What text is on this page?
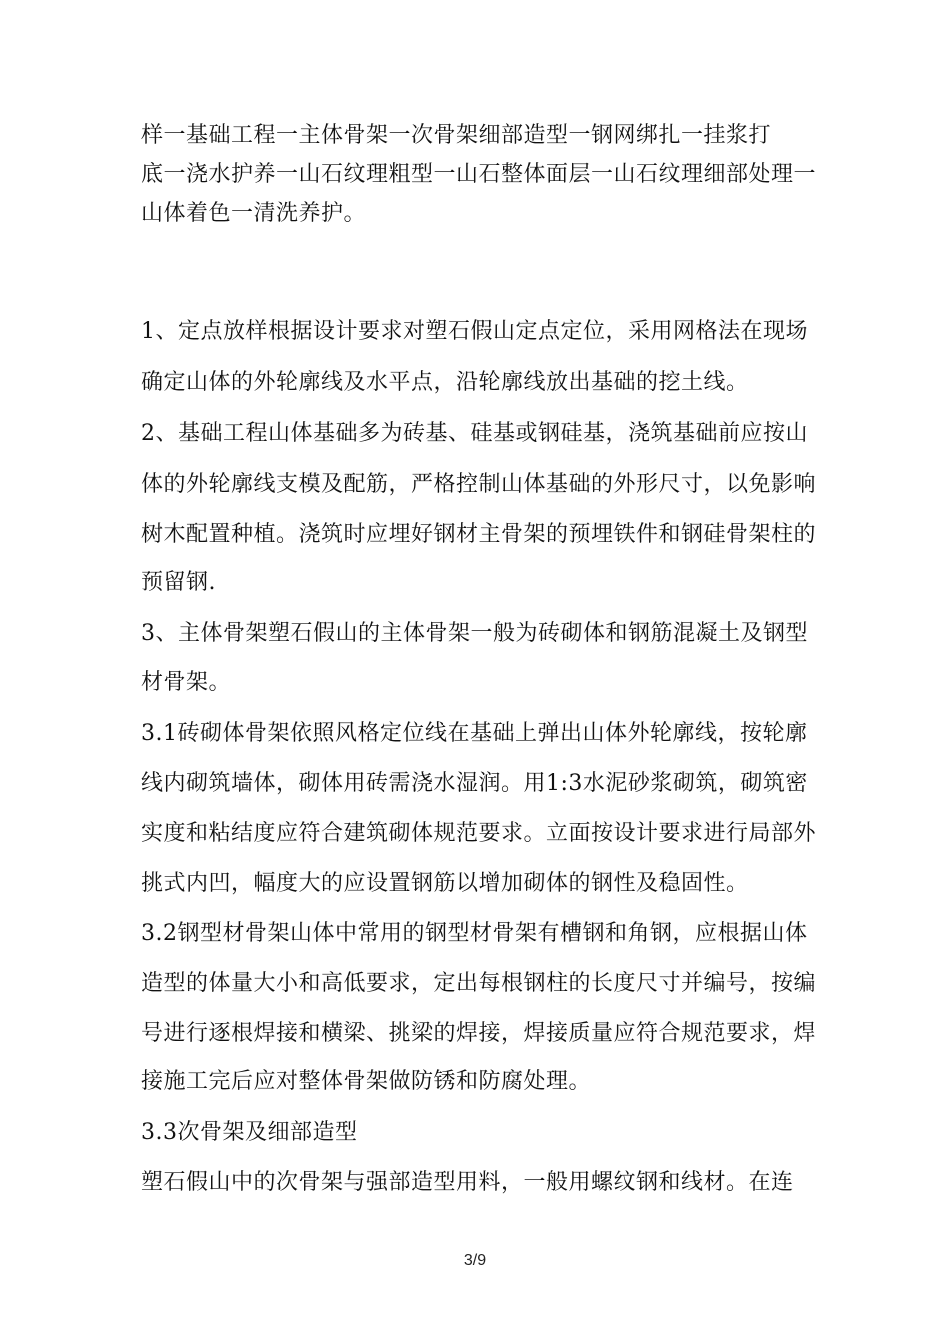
样一基础工程一主体骨架一次骨架细部造型一钢网绑扎一挂浆打
底一浇水护养一山石纹理粗型一山石整体面层一山石纹理细部处理一
山体着色一清洗养护。
1、定点放样根据设计要求对塑石假山定点定位，采用网格法在现场
确定山体的外轮廓线及水平点，沿轮廓线放出基础的挖土线。
2、基础工程山体基础多为砖基、硅基或钢硅基，浇筑基础前应按山
体的外轮廓线支模及配筋，严格控制山体基础的外形尺寸，以免影响
树木配置种植。浇筑时应埋好钢材主骨架的预埋铁件和钢硅骨架柱的
预留钢.
3、主体骨架塑石假山的主体骨架一般为砖砌体和钢筋混凝土及钢型
材骨架。
3.1砖砌体骨架依照风格定位线在基础上弹出山体外轮廓线，按轮廓
线内砌筑墙体，砌体用砖需浇水湿润。用1:3水泥砂浆砌筑，砌筑密
实度和粘结度应符合建筑砌体规范要求。立面按设计要求进行局部外
挑式内凹，幅度大的应设置钢筋以增加砌体的钢性及稳固性。
3.2钢型材骨架山体中常用的钢型材骨架有槽钢和角钢，应根据山体
造型的体量大小和高低要求，定出每根钢柱的长度尺寸并编号，按编
号进行逐根焊接和横梁、挑梁的焊接，焊接质量应符合规范要求，焊
接施工完后应对整体骨架做防锈和防腐处理。
3.3次骨架及细部造型
塑石假山中的次骨架与强部造型用料，一般用螺纹钢和线材。在连
3/9
